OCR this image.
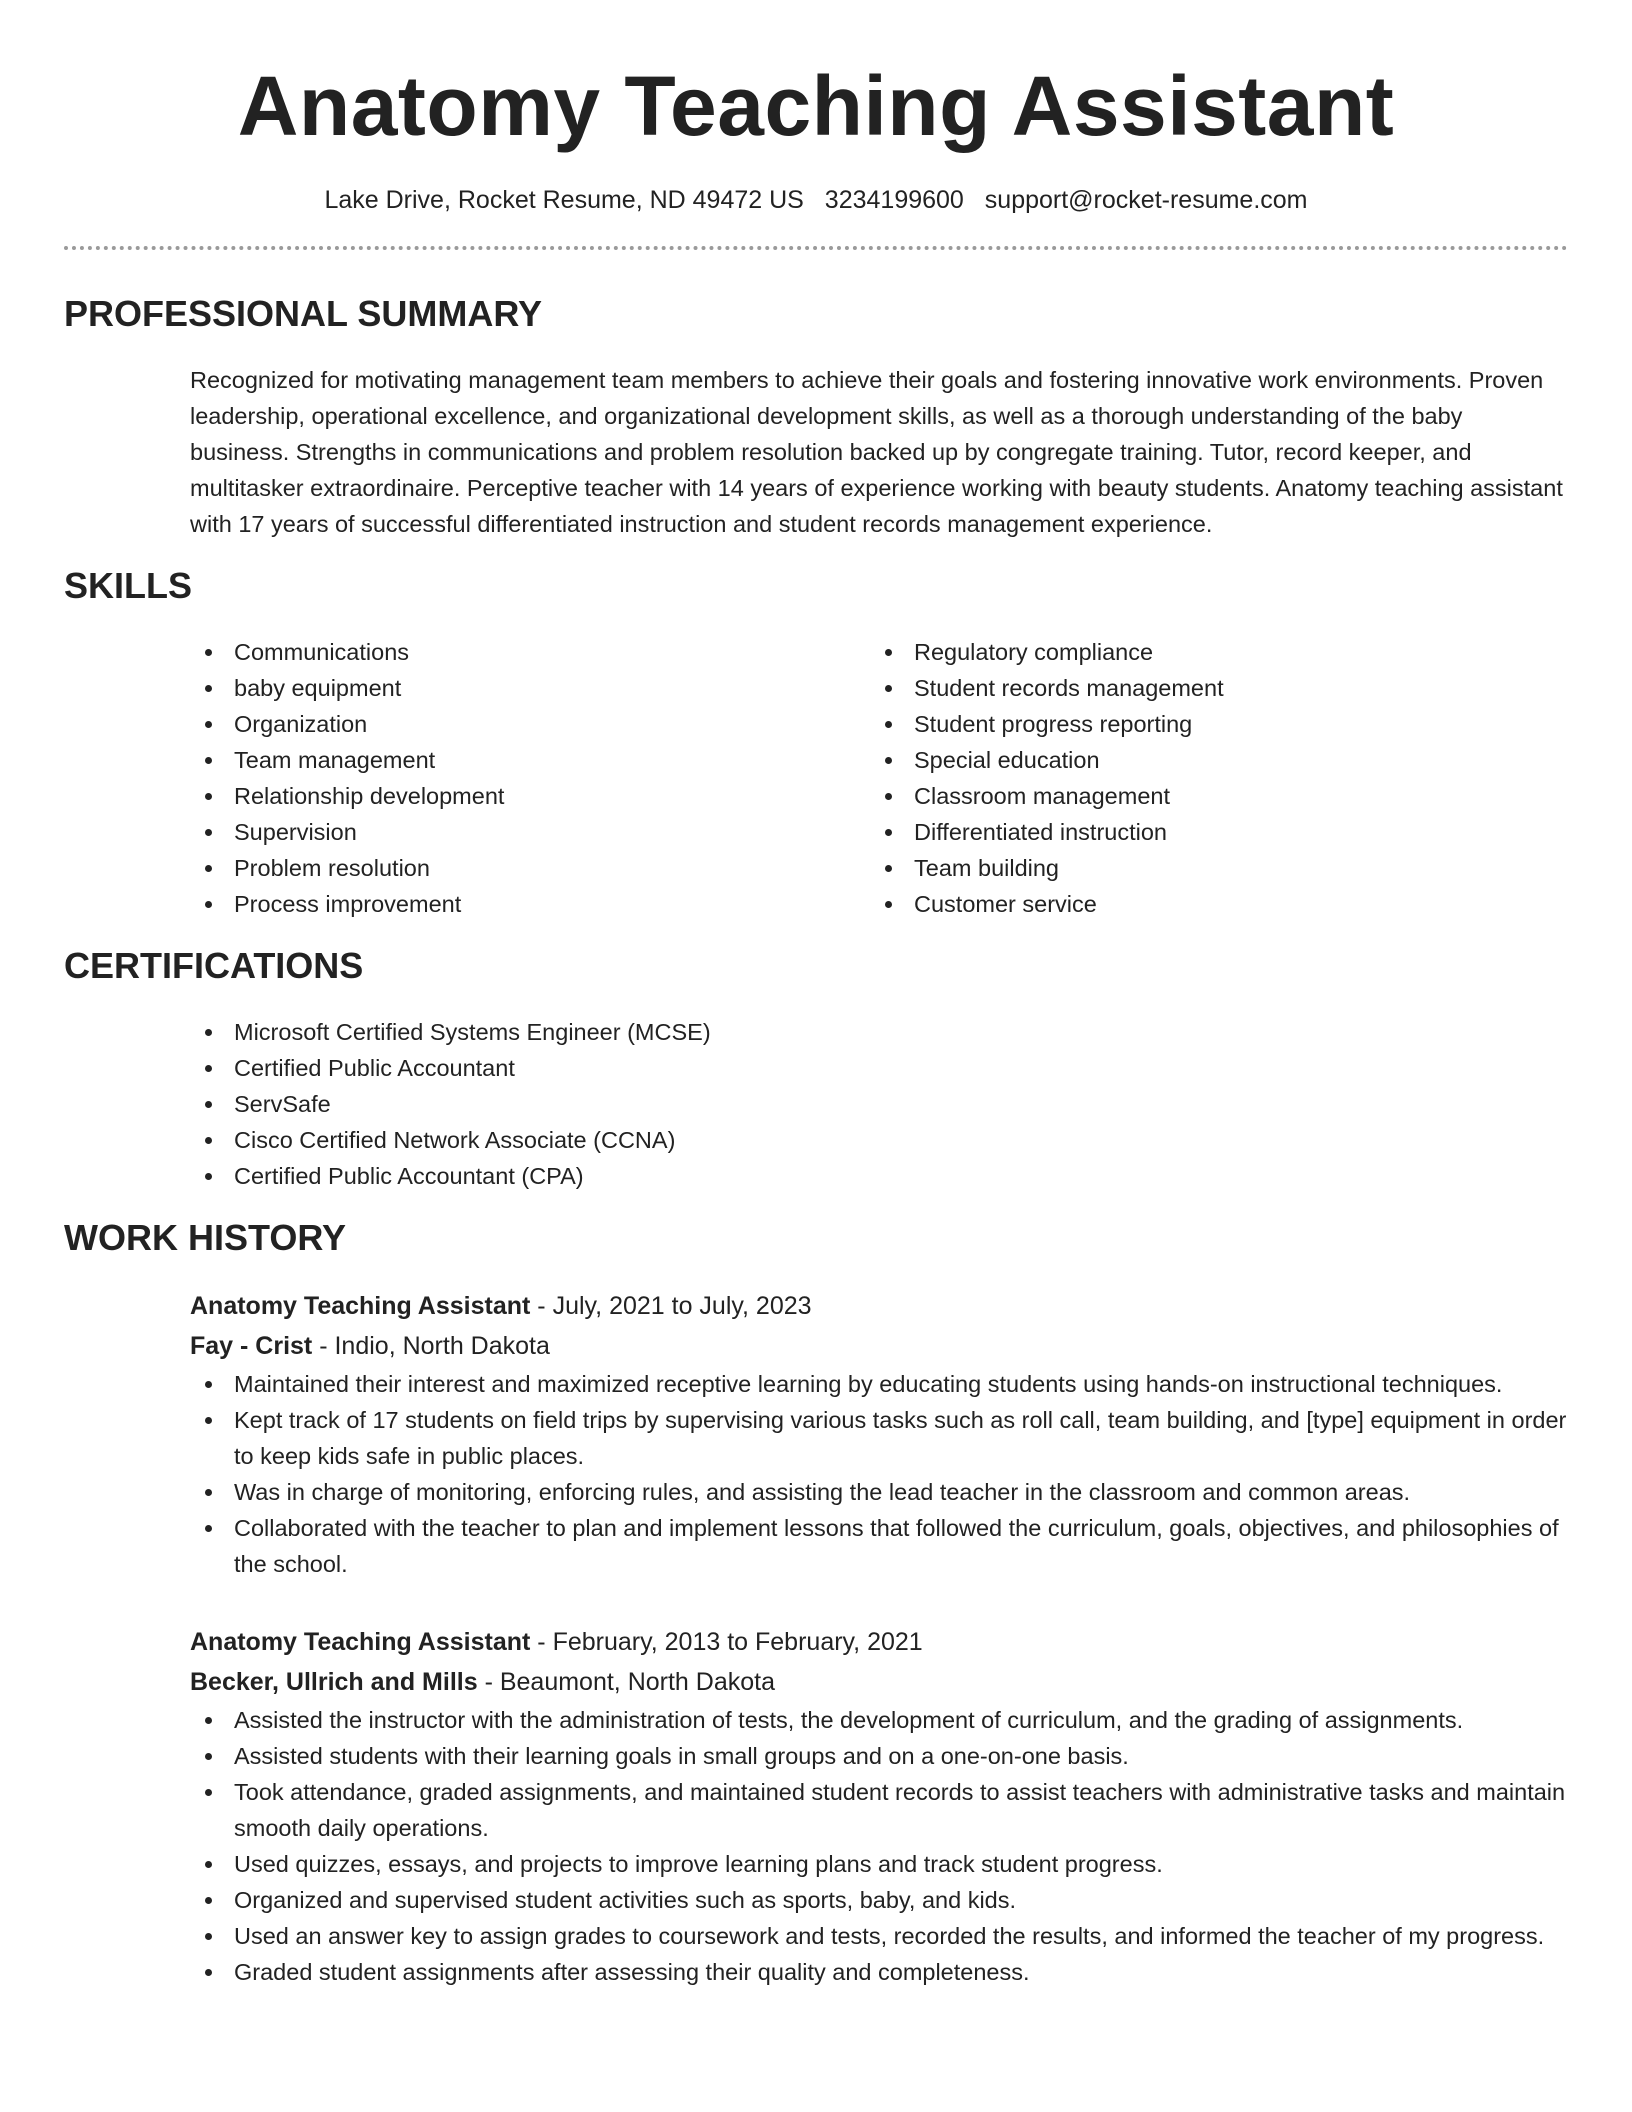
Anatomy Teaching Assistant
Lake Drive, Rocket Resume, ND 49472 US 3234199600 support@rocket-resume.com
PROFESSIONAL SUMMARY
Recognized for motivating management team members to achieve their goals and fostering innovative work environments. Proven leadership, operational excellence, and organizational development skills, as well as a thorough understanding of the baby business. Strengths in communications and problem resolution backed up by congregate training. Tutor, record keeper, and multitasker extraordinaire. Perceptive teacher with 14 years of experience working with beauty students. Anatomy teaching assistant with 17 years of successful differentiated instruction and student records management experience.
SKILLS
Communications
baby equipment
Organization
Team management
Relationship development
Supervision
Problem resolution
Process improvement
Regulatory compliance
Student records management
Student progress reporting
Special education
Classroom management
Differentiated instruction
Team building
Customer service
CERTIFICATIONS
Microsoft Certified Systems Engineer (MCSE)
Certified Public Accountant
ServSafe
Cisco Certified Network Associate (CCNA)
Certified Public Accountant (CPA)
WORK HISTORY
Anatomy Teaching Assistant - July, 2021 to July, 2023
Fay - Crist - Indio, North Dakota
Maintained their interest and maximized receptive learning by educating students using hands-on instructional techniques.
Kept track of 17 students on field trips by supervising various tasks such as roll call, team building, and [type] equipment in order to keep kids safe in public places.
Was in charge of monitoring, enforcing rules, and assisting the lead teacher in the classroom and common areas.
Collaborated with the teacher to plan and implement lessons that followed the curriculum, goals, objectives, and philosophies of the school.
Anatomy Teaching Assistant - February, 2013 to February, 2021
Becker, Ullrich and Mills - Beaumont, North Dakota
Assisted the instructor with the administration of tests, the development of curriculum, and the grading of assignments.
Assisted students with their learning goals in small groups and on a one-on-one basis.
Took attendance, graded assignments, and maintained student records to assist teachers with administrative tasks and maintain smooth daily operations.
Used quizzes, essays, and projects to improve learning plans and track student progress.
Organized and supervised student activities such as sports, baby, and kids.
Used an answer key to assign grades to coursework and tests, recorded the results, and informed the teacher of my progress.
Graded student assignments after assessing their quality and completeness.
